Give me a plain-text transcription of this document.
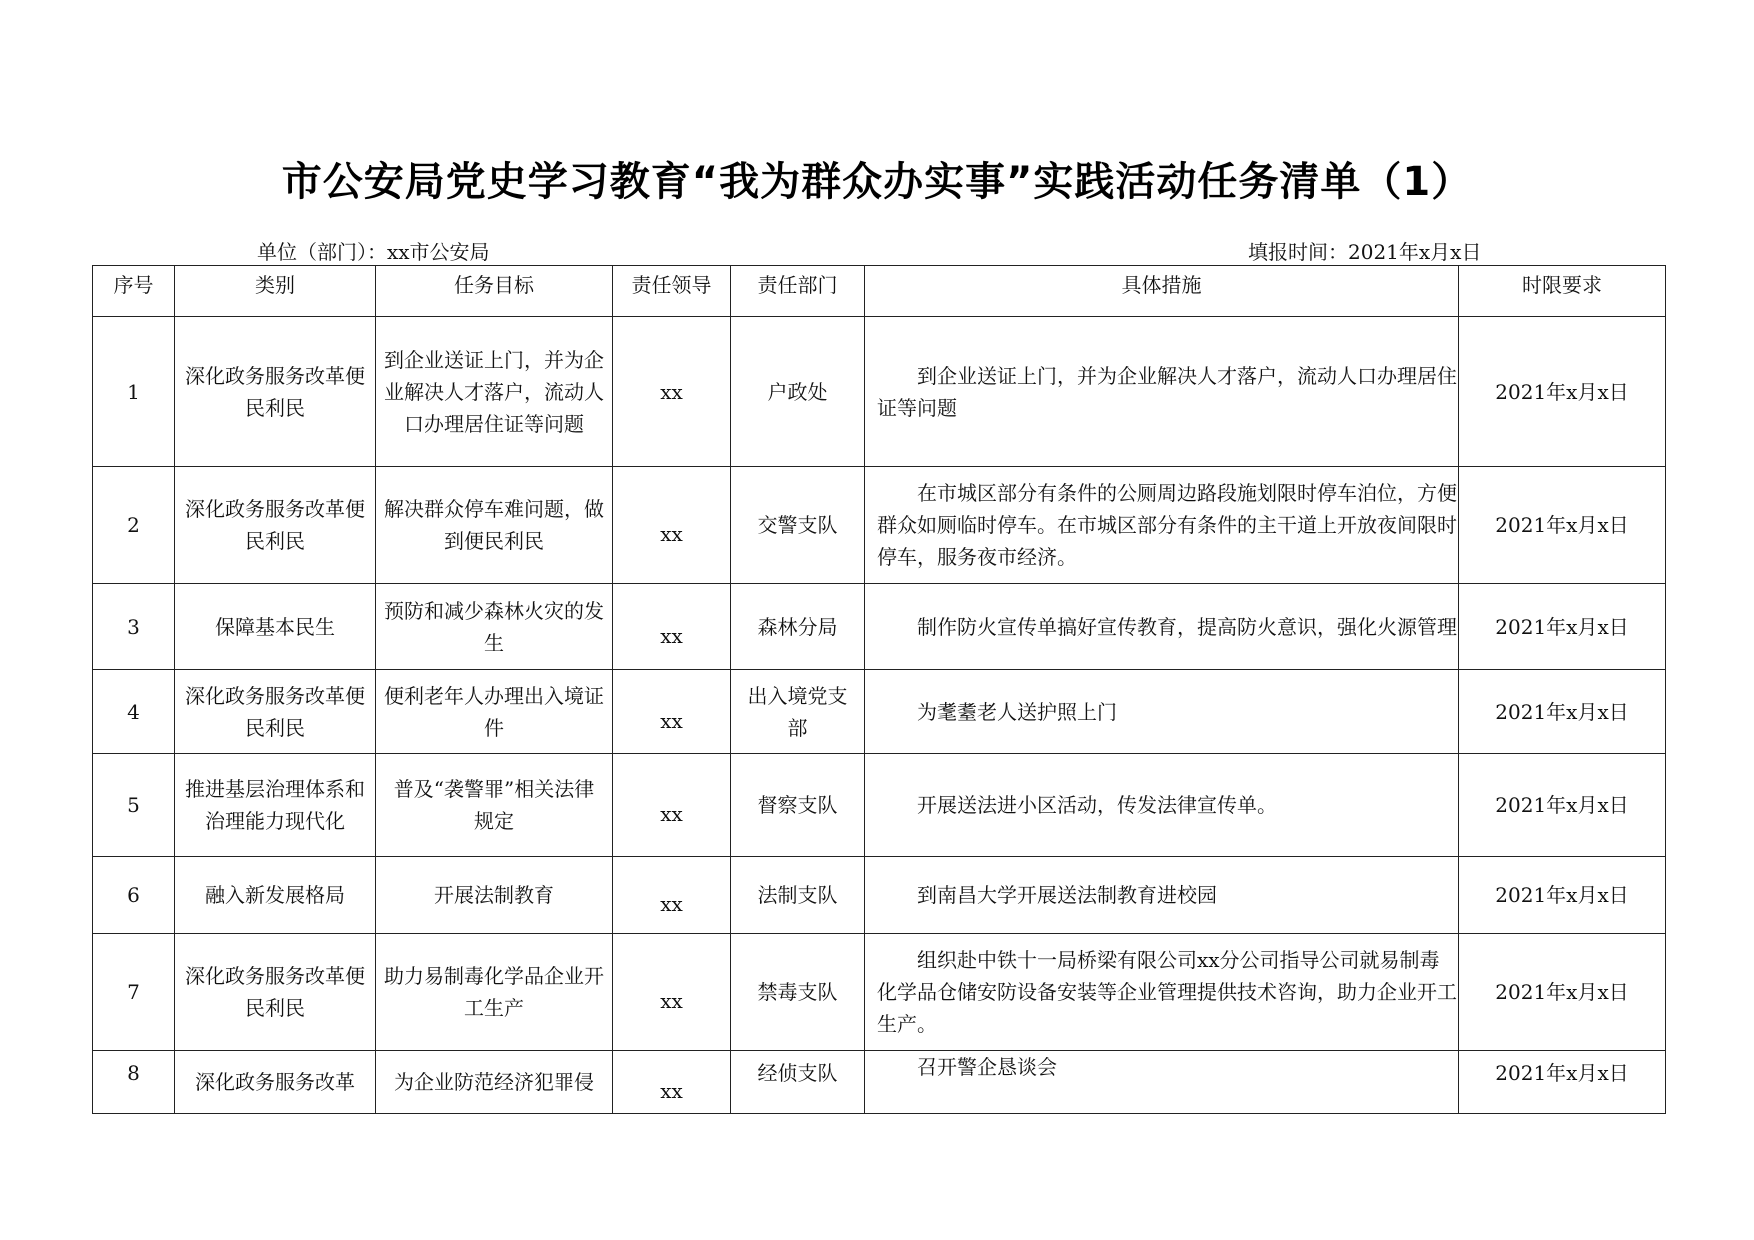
市公安局党史学习教育“我为群众办实事”实践活动任务清单（1）
单位（部门）：xx市公安局	填报时间：2021年x月x日
序号	类别	任务目标	责任领导	责任部门	具体措施	时限要求
1	深化政务服务改革便民利民	到企业送证上门，并为企业解决人才落户，流动人口办理居住证等问题	xx	户政处	到企业送证上门，并为企业解决人才落户，流动人口办理居住证等问题	2021年x月x日
2	深化政务服务改革便民利民	解决群众停车难问题，做到便民利民	xx	交警支队	在市城区部分有条件的公厕周边路段施划限时停车泊位，方便群众如厕临时停车。在市城区部分有条件的主干道上开放夜间限时停车，服务夜市经济。	2021年x月x日
3	保障基本民生	预防和减少森林火灾的发生	xx	森林分局	制作防火宣传单搞好宣传教育，提高防火意识，强化火源管理	2021年x月x日
4	深化政务服务改革便民利民	便利老年人办理出入境证件	xx	出入境党支部	为耄耋老人送护照上门	2021年x月x日
5	推进基层治理体系和治理能力现代化	普及“袭警罪”相关法律规定	xx	督察支队	开展送法进小区活动，传发法律宣传单。	2021年x月x日
6	融入新发展格局	开展法制教育	xx	法制支队	到南昌大学开展送法制教育进校园	2021年x月x日
7	深化政务服务改革便民利民	助力易制毒化学品企业开工生产	xx	禁毒支队	组织赴中铁十一局桥梁有限公司xx分公司指导公司就易制毒化学品仓储安防设备安装等企业管理提供技术咨询，助力企业开工生产。	2021年x月x日
8	深化政务服务改革	为企业防范经济犯罪侵	xx	经侦支队	召开警企恳谈会	2021年x月x日
